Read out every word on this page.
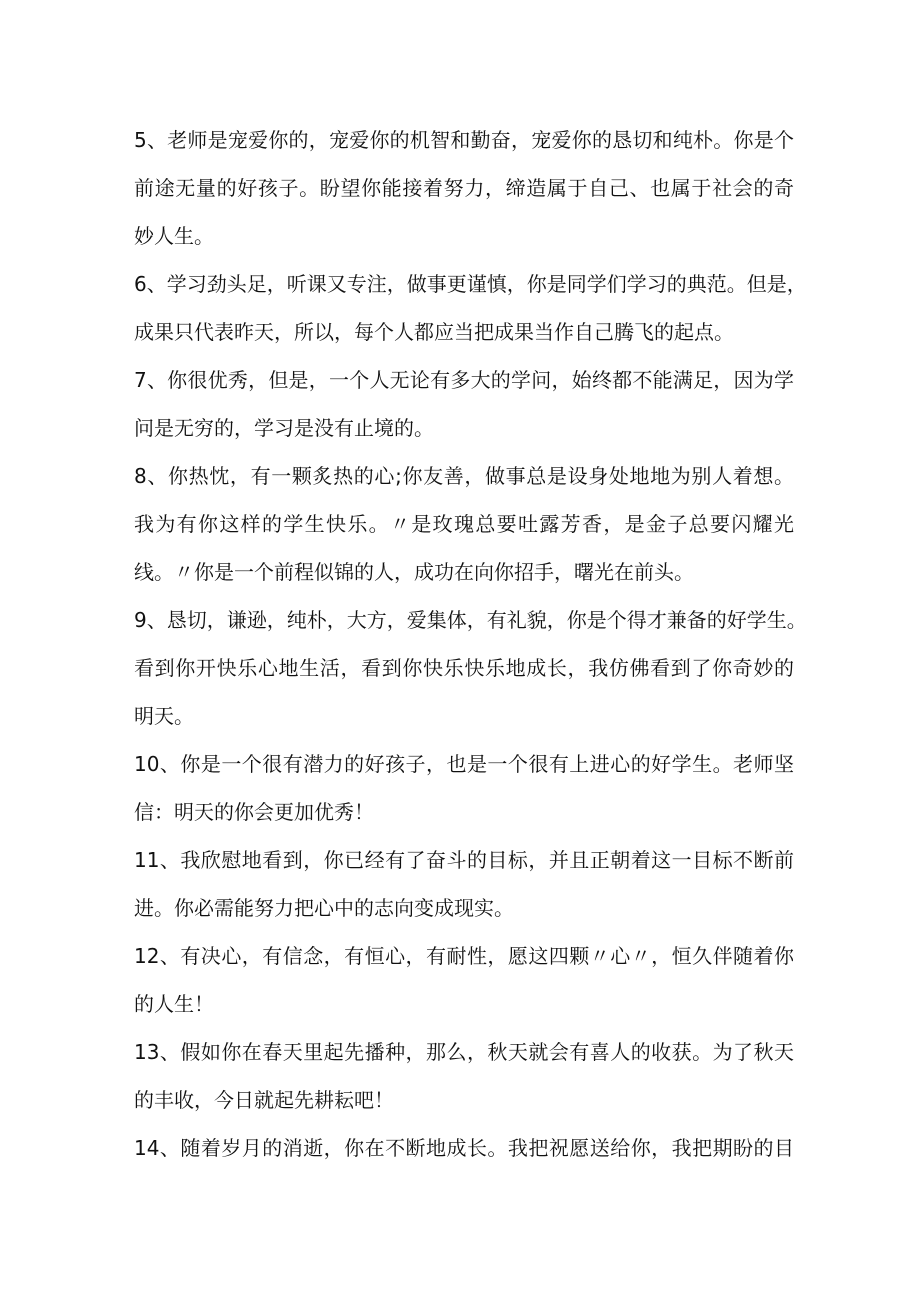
5、老师是宠爱你的，宠爱你的机智和勤奋，宠爱你的恳切和纯朴。你是个
前途无量的好孩子。盼望你能接着努力，缔造属于自己、也属于社会的奇
妙人生。
6、学习劲头足，听课又专注，做事更谨慎，你是同学们学习的典范。但是，
成果只代表昨天，所以，每个人都应当把成果当作自己腾飞的起点。
7、你很优秀，但是，一个人无论有多大的学问，始终都不能满足，因为学
问是无穷的，学习是没有止境的。
8、你热忱，有一颗炙热的心;你友善，做事总是设身处地地为别人着想。
我为有你这样的学生快乐。〃是玫瑰总要吐露芳香，是金子总要闪耀光
线。〃你是一个前程似锦的人，成功在向你招手，曙光在前头。
9、恳切，谦逊，纯朴，大方，爱集体，有礼貌，你是个得才兼备的好学生。
看到你开快乐心地生活，看到你快乐快乐地成长，我仿佛看到了你奇妙的
明天。
10、你是一个很有潜力的好孩子，也是一个很有上进心的好学生。老师坚
信：明天的你会更加优秀！
11、我欣慰地看到，你已经有了奋斗的目标，并且正朝着这一目标不断前
进。你必需能努力把心中的志向变成现实。
12、有决心，有信念，有恒心，有耐性，愿这四颗〃心〃，恒久伴随着你
的人生！
13、假如你在春天里起先播种，那么，秋天就会有喜人的收获。为了秋天
的丰收，今日就起先耕耘吧！
14、随着岁月的消逝，你在不断地成长。我把祝愿送给你，我把期盼的目
